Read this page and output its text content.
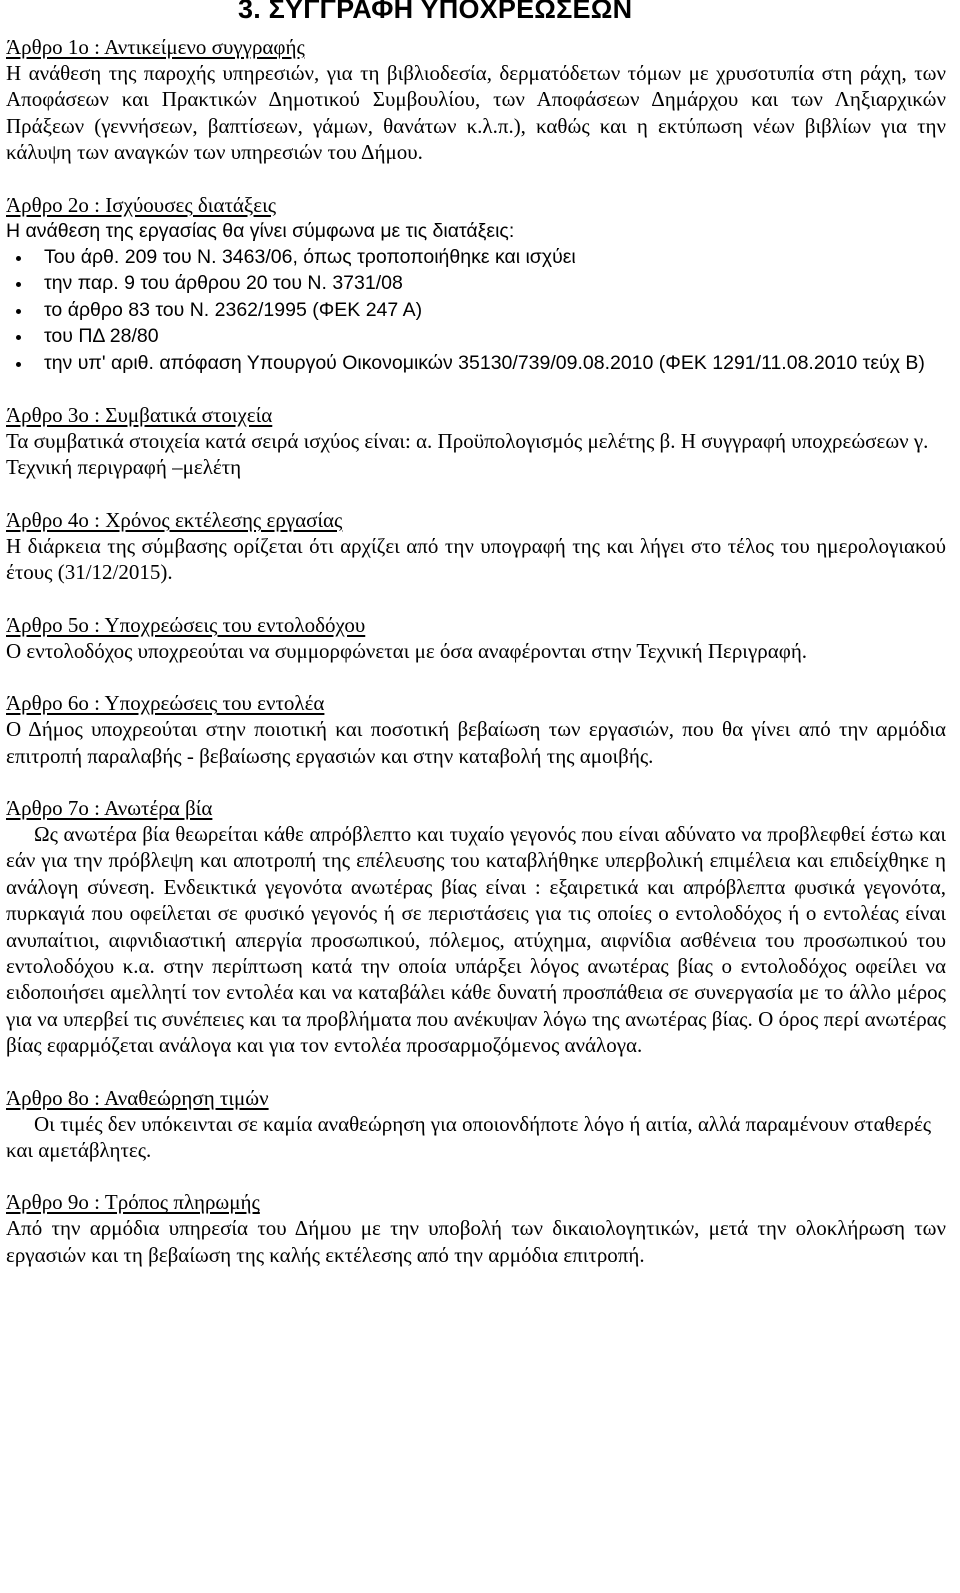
3. ΣΥΓΓΡΑΦΗ ΥΠΟΧΡΕΩΣΕΩΝ
Άρθρο 1ο : Αντικείμενο συγγραφής

Η ανάθεση της παροχής υπηρεσιών, για τη βιβλιοδεσία, δερματόδετων τόμων με χρυσοτυπία στη ράχη, των Αποφάσεων και Πρακτικών Δημοτικού Συμβουλίου, των Αποφάσεων Δημάρχου και των Ληξιαρχικών Πράξεων (γεννήσεων, βαπτίσεων, γάμων, θανάτων κ.λ.π.), καθώς και η εκτύπωση νέων βιβλίων για την κάλυψη των αναγκών των υπηρεσιών του Δήμου.

Άρθρο 2ο : Ισχύουσες διατάξεις

Η ανάθεση της εργασίας θα γίνει σύμφωνα με τις διατάξεις:

Του άρθ. 209 του Ν. 3463/06, όπως τροποποιήθηκε και ισχύει
την παρ. 9 του άρθρου 20 του Ν. 3731/08
το άρθρο 83 του Ν. 2362/1995 (ΦΕΚ 247 Α)
του ΠΔ 28/80
την υπ' αριθ. απόφαση Υπουργού Οικονομικών 35130/739/09.08.2010 (ΦΕΚ 1291/11.08.2010 τεύχ Β)
Άρθρο 3ο : Συμβατικά στοιχεία

Τα συμβατικά στοιχεία κατά σειρά ισχύος είναι: α. Προϋπολογισμός μελέτης β. Η συγγραφή υποχρεώσεων γ. Τεχνική περιγραφή –μελέτη

Άρθρο 4ο : Χρόνος εκτέλεσης εργασίας

Η διάρκεια της σύμβασης ορίζεται ότι αρχίζει από την υπογραφή της και λήγει στο τέλος του ημερολογιακού έτους (31/12/2015).

Άρθρο 5ο : Υποχρεώσεις του εντολοδόχου

Ο εντολοδόχος υποχρεούται να συμμορφώνεται με όσα αναφέρονται στην Τεχνική Περιγραφή.

Άρθρο 6ο : Υποχρεώσεις του εντολέα

Ο Δήμος υποχρεούται στην ποιοτική και ποσοτική βεβαίωση των εργασιών, που θα γίνει από την αρμόδια επιτροπή παραλαβής - βεβαίωσης εργασιών και στην καταβολή της αμοιβής.

Άρθρο 7ο : Ανωτέρα βία

Ως ανωτέρα βία θεωρείται κάθε απρόβλεπτο και τυχαίο γεγονός που είναι αδύνατο να προβλεφθεί έστω και εάν για την πρόβλεψη και αποτροπή της επέλευσης του καταβλήθηκε υπερβολική επιμέλεια και επιδείχθηκε η ανάλογη σύνεση. Ενδεικτικά γεγονότα ανωτέρας βίας είναι : εξαιρετικά και απρόβλεπτα φυσικά γεγονότα, πυρκαγιά που οφείλεται σε φυσικό γεγονός ή σε περιστάσεις για τις οποίες ο εντολοδόχος ή ο εντολέας είναι ανυπαίτιοι, αιφνιδιαστική απεργία προσωπικού, πόλεμος, ατύχημα, αιφνίδια ασθένεια του προσωπικού του εντολοδόχου κ.α. στην περίπτωση κατά την οποία υπάρξει λόγος ανωτέρας βίας ο εντολοδόχος οφείλει να ειδοποιήσει αμελλητί τον εντολέα και να καταβάλει κάθε δυνατή προσπάθεια σε συνεργασία με το άλλο μέρος για να υπερβεί τις συνέπειες και τα προβλήματα που ανέκυψαν λόγω της ανωτέρας βίας. Ο όρος περί ανωτέρας βίας εφαρμόζεται ανάλογα και για τον εντολέα προσαρμοζόμενος ανάλογα.

Άρθρο 8ο : Αναθεώρηση τιμών

Οι τιμές δεν υπόκεινται σε καμία αναθεώρηση για οποιονδήποτε λόγο ή αιτία, αλλά παραμένουν σταθερές και αμετάβλητες.

Άρθρο 9ο : Τρόπος πληρωμής

Από την αρμόδια υπηρεσία του Δήμου με την υποβολή των δικαιολογητικών, μετά την ολοκλήρωση των εργασιών και τη βεβαίωση της καλής εκτέλεσης από την αρμόδια επιτροπή.
